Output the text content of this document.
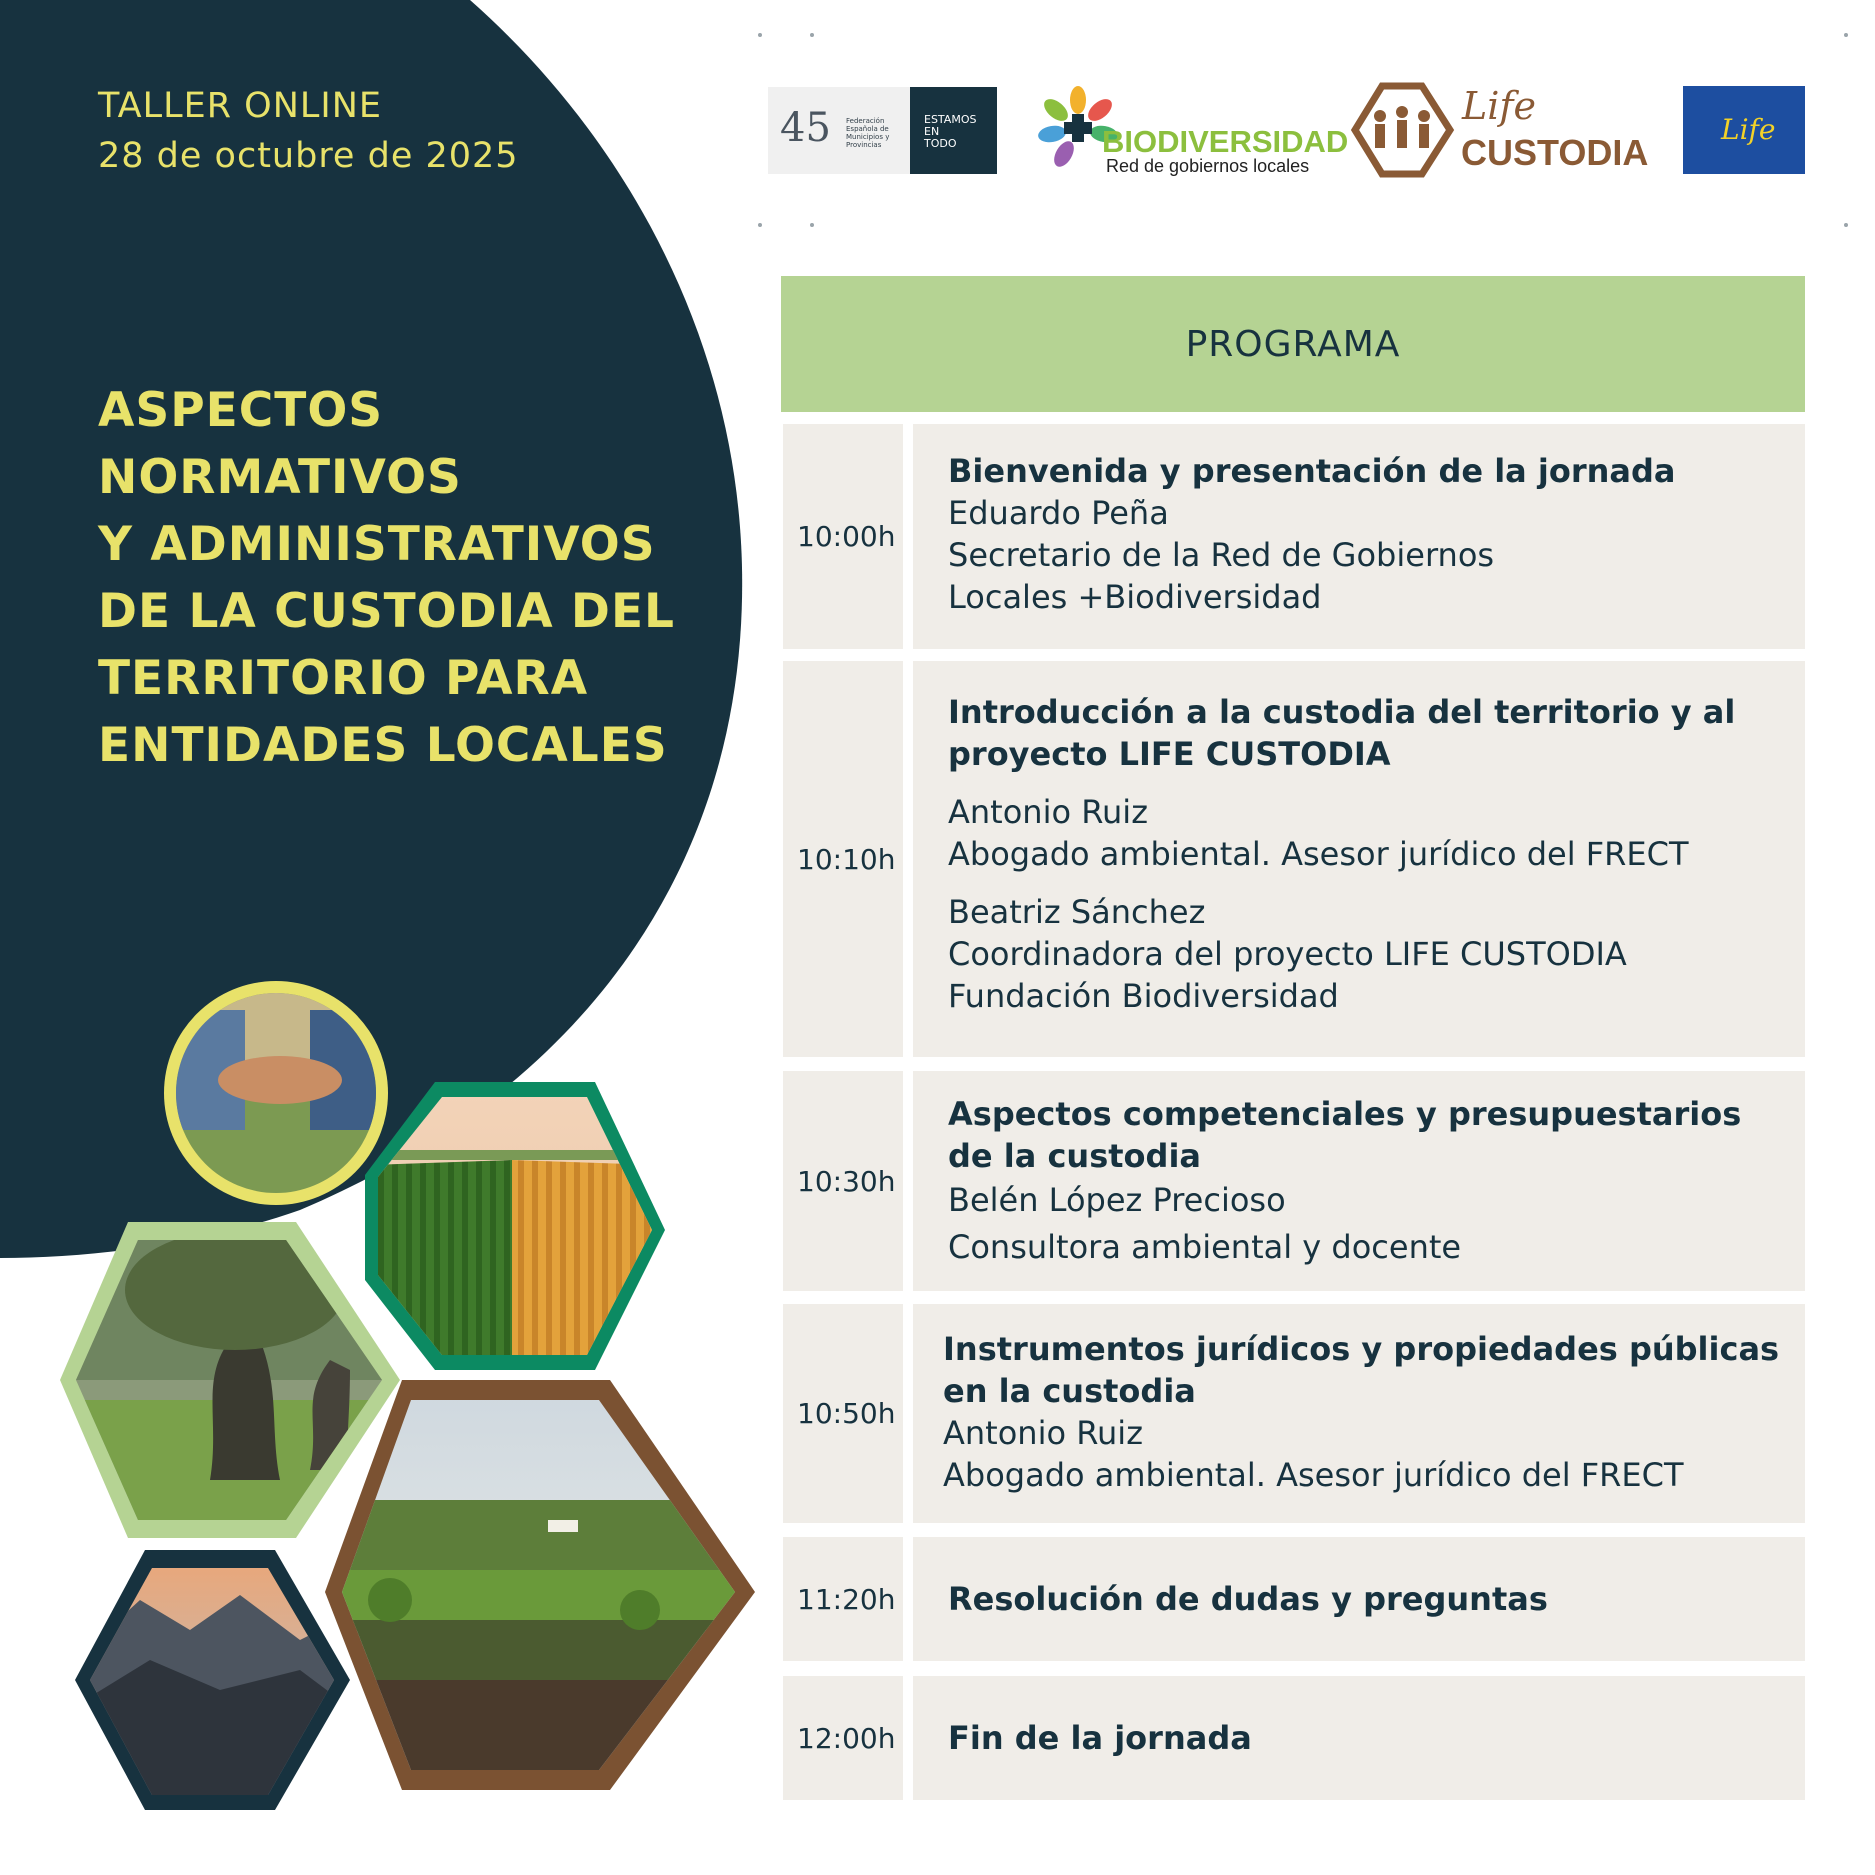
TALLER ONLINE
28 de octubre de 2025
ASPECTOS
NORMATIVOS
Y ADMINISTRATIVOS
DE LA CUSTODIA DEL
TERRITORIO PARA
ENTIDADES LOCALES
45 Federación
Española de
Municipios y
Provincias
ESTAMOS
EN
TODO	BIODIVERSIDAD
Red de gobiernos locales
Life
CUSTODIA
Life
PROGRAMA
10:00h
Bienvenida y presentación de la jornada
Eduardo Peña
Secretario de la Red de Gobiernos
Locales +Biodiversidad
10:10h
Introducción a la custodia del territorio y al
proyecto LIFE CUSTODIA
Antonio Ruiz
Abogado ambiental. Asesor jurídico del FRECT
Beatriz Sánchez
Coordinadora del proyecto LIFE CUSTODIA
Fundación Biodiversidad
10:30h
Aspectos competenciales y presupuestarios
de la custodia
Belén López Precioso
Consultora ambiental y docente
10:50h
Instrumentos jurídicos y propiedades públicas
en la custodia
Antonio Ruiz
Abogado ambiental. Asesor jurídico del FRECT
11:20h Resolución de dudas y preguntas
12:00h Fin de la jornada
